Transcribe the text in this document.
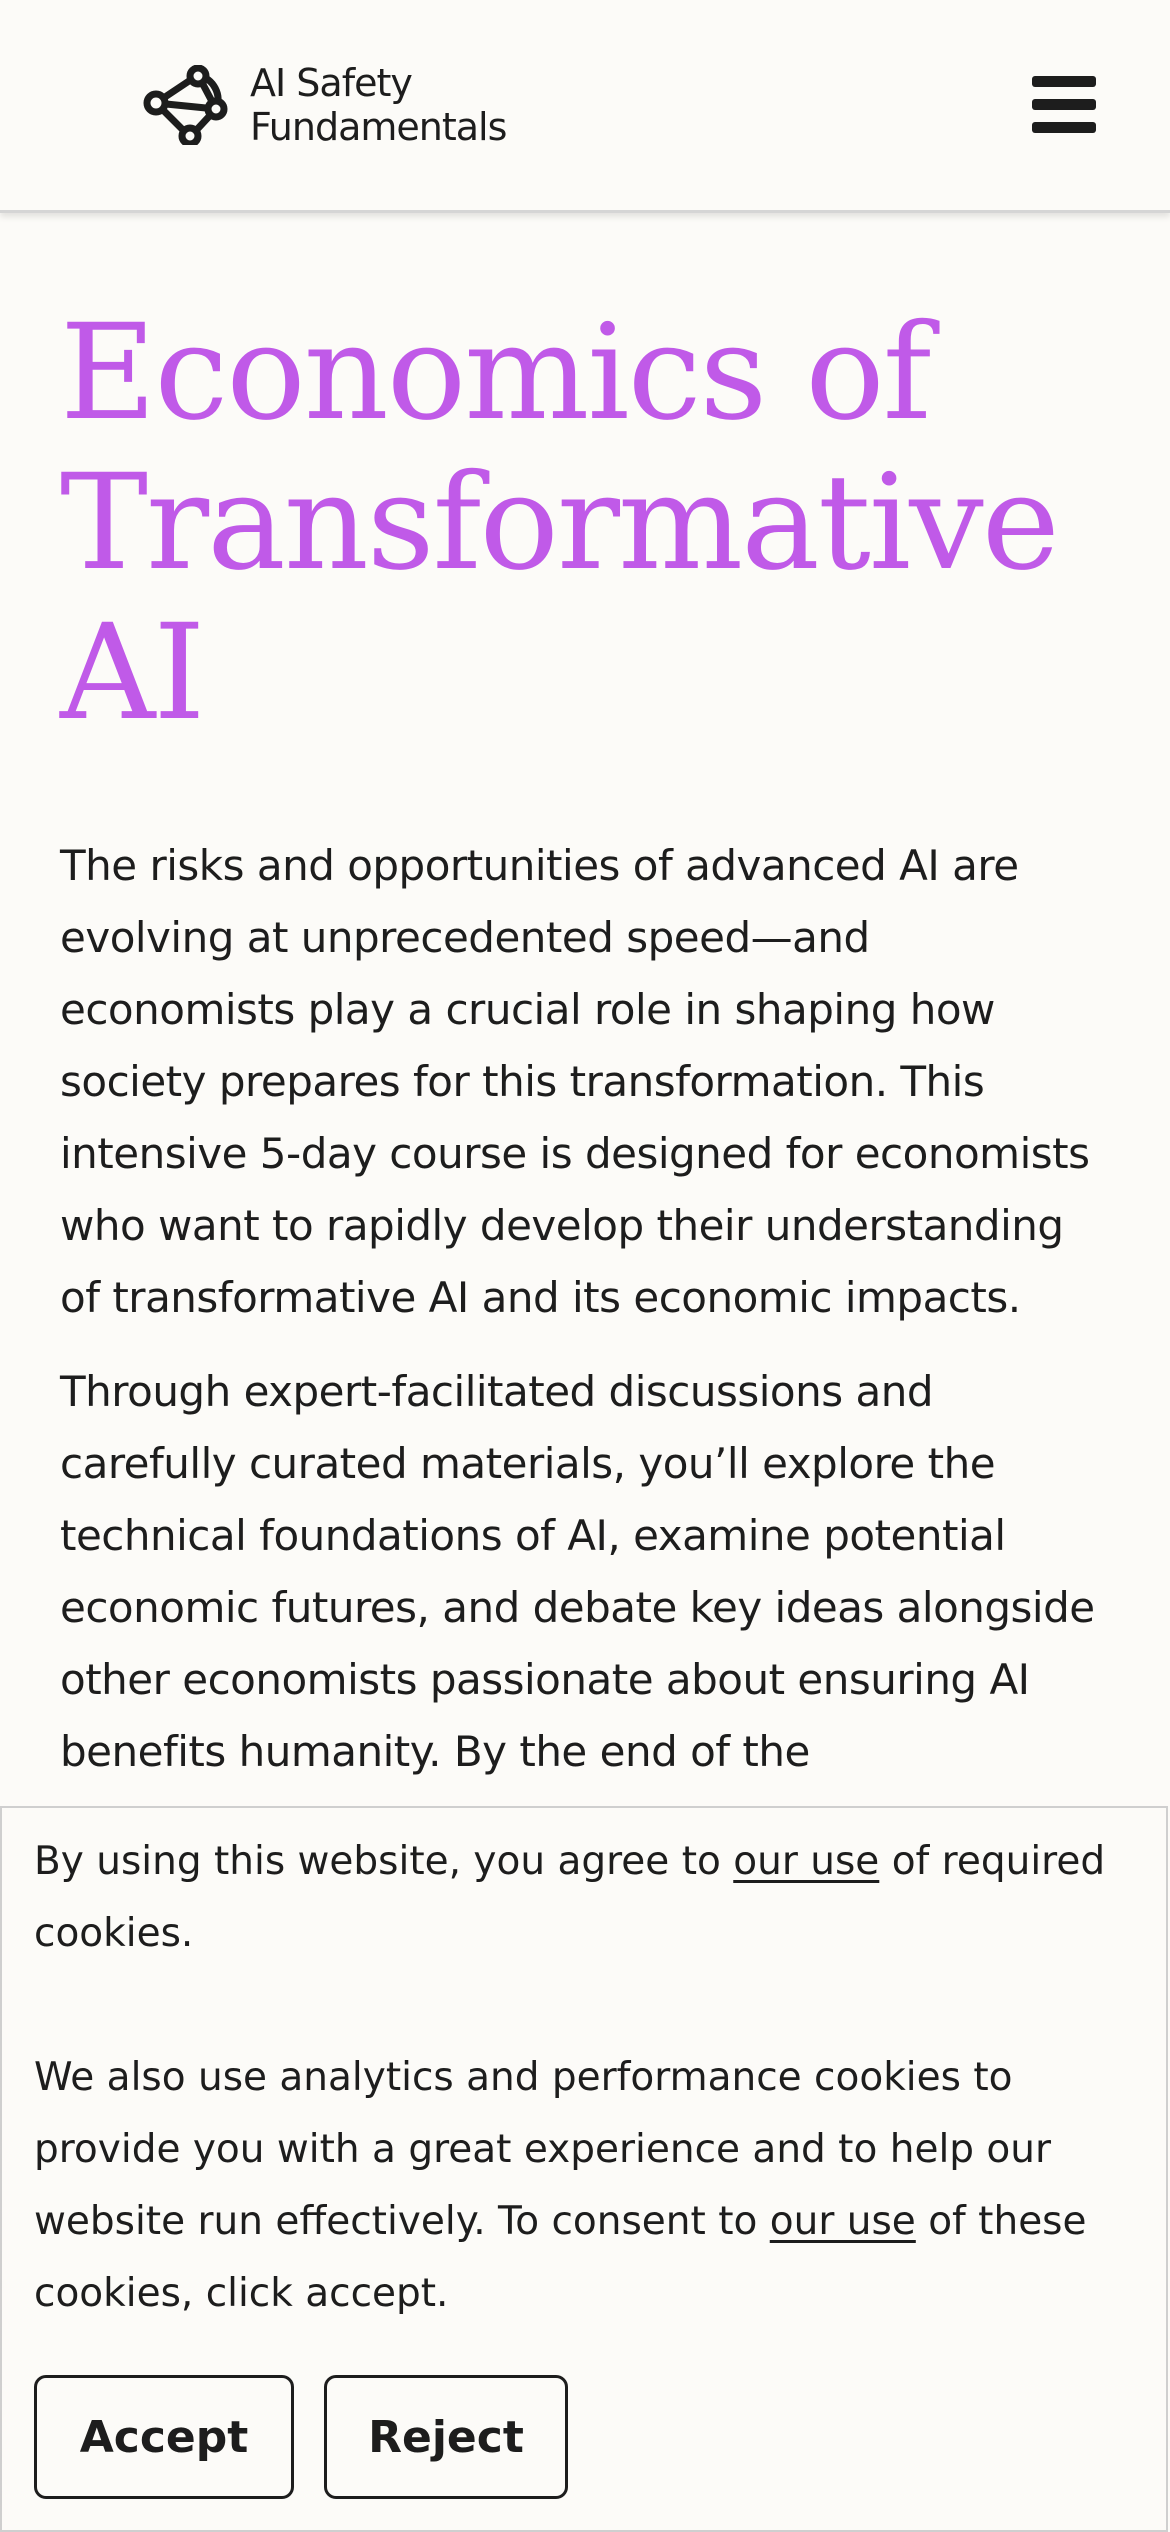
AI Safety
Fundamentals
Economics of
Transformative
AI

The risks and opportunities of advanced AI are evolving at unprecedented speed—and economists play a crucial role in shaping how society prepares for this transformation. This intensive 5-day course is designed for economists who want to rapidly develop their understanding of transformative AI and its economic impacts.

Through expert-facilitated discussions and carefully curated materials, you’ll explore the technical foundations of AI, examine potential economic futures, and debate key ideas alongside other economists passionate about ensuring AI benefits humanity. By the end of the

By using this website, you agree to our use of required cookies.

We also use analytics and performance cookies to provide you with a great experience and to help our website run effectively. To consent to our use of these cookies, click accept.

Accept	Reject
